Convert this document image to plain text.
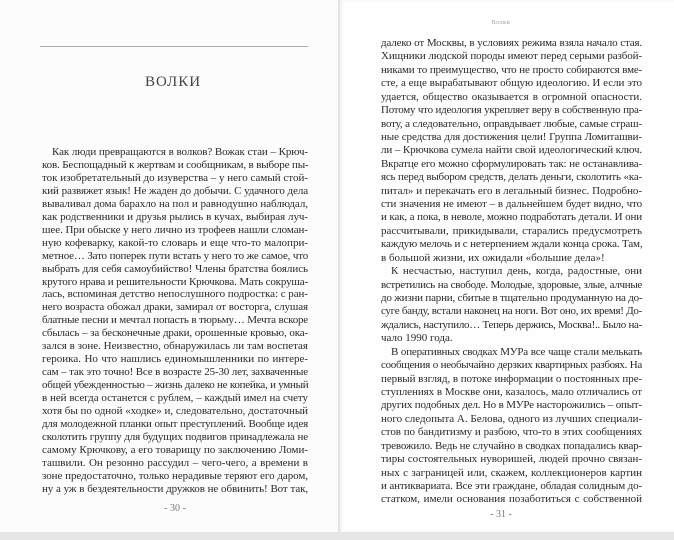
ВОЛКИ
Как люди превращаются в волков? Вожак стаи – Крюч-
ков. Беспощадный к жертвам и сообщникам, в выборе пы-
ток изобретательный до изуверства – у него самый стой-
кий развяжет язык! Не жаден до добычи. С удачного дела
вываливал дома барахло на пол и равнодушно наблюдал,
как родственники и друзья рылись в кучах, выбирая луч-
шее. При обыске у него лично из трофеев нашли сломан-
ную кофеварку, какой-то словарь и еще что-то малопри-
метное… Зато поперек пути встать у него то же самое, что
выбрать для себя самоубийство! Члены братства боялись
крутого нрава и решительности Крючкова. Мать сокруша-
лась, вспоминая детство непослушного подростка: с ран-
него возраста обожал драки, замирал от восторга, слушая
блатные песни и мечтал попасть в тюрьму… Мечта вскоре
сбылась – за бесконечные драки, орошенные кровью, ока-
зался в зоне. Неизвестно, обнаружилась ли там воспетая
героика. Но что нашлись единомышленники по интере-
сам – так это точно! Все в возрасте 25-30 лет, захваченные
общей убежденностью – жизнь далеко не копейка, и умный
в ней всегда останется с рублем, – каждый имел на счету
хотя бы по одной «ходке» и, следовательно, достаточный
для молодежной планки опыт преступлений. Вообще идея
сколотить группу для будущих подвигов принадлежала не
самому Крючкову, а его товарищу по заключению Ломи-
ташвили. Он резонно рассудил – чего-чего, а времени в
зоне предостаточно, только нерадивые теряют его даром,
ну а уж в бездеятельности дружков не обвинить! Вот так,
- 30 -
Волки
далеко от Москвы, в условиях режима взяла начало стая.
Хищники людской породы имеют перед серыми разбой-
никами то преимущество, что не просто собираются вме-
сте, а еще вырабатывают общую идеологию. И если это
удается, общество оказывается в огромной опасности.
Потому что идеология укрепляет веру в собственную пра-
воту, а следовательно, оправдывает любые, самые страш-
ные средства для достижения цели! Группа Ломиташви-
ли – Крючкова сумела найти свой идеологический ключ.
Вкратце его можно сформулировать так: не останавлива-
ясь перед выбором средств, делать деньги, сколотить «ка-
питал» и перекачать его в легальный бизнес. Подробно-
сти значения не имеют – в дальнейшем будет видно, что
и как, а пока, в неволе, можно подработать детали. И они
рассчитывали, прикидывали, старались предусмотреть
каждую мелочь и с нетерпением ждали конца срока. Там,
в большой жизни, их ожидали «большие дела»!
К несчастью, наступил день, когда, радостные, они
встретились на свободе. Молодые, здоровые, злые, алчные
до жизни парни, сбитые в тщательно продуманную на до-
суге банду, встали наконец на ноги. Вот оно, их время! До-
ждались, наступило… Теперь держись, Москва!.. Было на-
чало 1990 года.
В оперативных сводках МУРа все чаще стали мелькать
сообщения о необычайно дерзких квартирных разбоях. На
первый взгляд, в потоке информации о постоянных пре-
ступлениях в Москве они, казалось, мало отличались от
других подобных дел. Но в МУРе насторожились – опыт-
ного следопыта А. Белова, одного из лучших специали-
стов по бандитизму и разбою, что-то в этих сообщениях
тревожило. Ведь не случайно в сводках попадались квар-
тиры состоятельных нуворишей, людей прочно связан-
ных с заграницей или, скажем, коллекционеров картин
и антиквариата. Все эти граждане, обладая солидным до-
статком, имели основания позаботиться с собственной
- 31 -
